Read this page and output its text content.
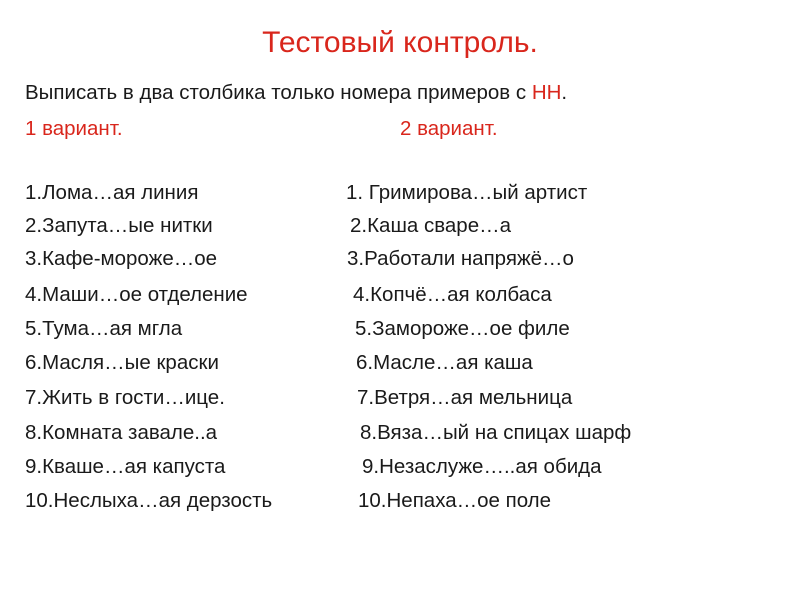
Тестовый контроль.
Выписать в два столбика только номера примеров с НН.
1 вариант.	2 вариант.
1.Лома…ая линия
2.Запута…ые нитки
3.Кафе-мороже…ое
4.Маши…ое отделение
5.Тума…ая мгла
6.Масля…ые краски
7.Жить в гости…ице.
8.Комната завале..а
9.Кваше…ая капуста
10.Неслыха…ая дерзость
1. Гримирова…ый артист
2.Каша сваре…а
3.Работали напряжё…о
4.Копчё…ая колбаса
5.Замороже…ое филе
6.Масле…ая каша
7.Ветря…ая мельница
8.Вяза…ый на спицах шарф
9.Незаслуже…..ая обида
10.Непаха…ое поле
